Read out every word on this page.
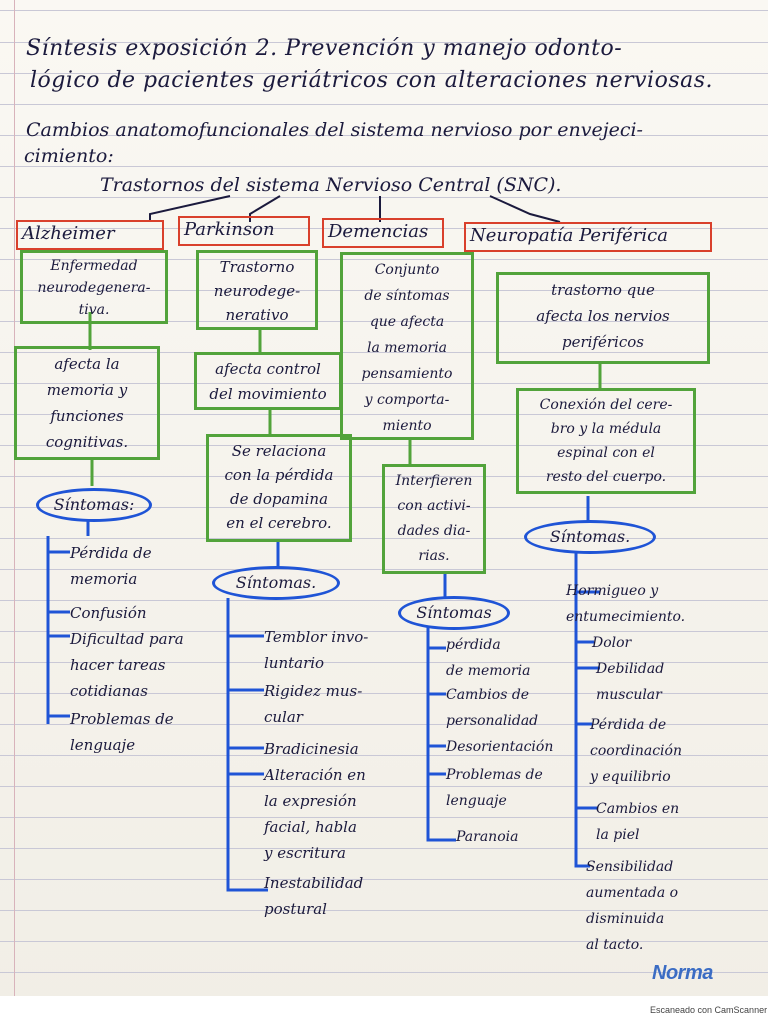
Síntesis exposición 2. Prevención y manejo odonto-
lógico de pacientes geriátricos con alteraciones nerviosas.
Cambios anatomofuncionales del sistema nervioso por envejeci-
cimiento:
Trastornos del sistema Nervioso Central (SNC).
Alzheimer	Parkinson	Demencias	Neuropatía Periférica
Enfermedad
neurodegenera-
tiva.
afecta la
memoria y
funciones
cognitivas.
Síntomas:
Pérdida de
memoria
Confusión
Dificultad para
hacer tareas
cotidianas
Problemas de
lenguaje
Trastorno
neurodege-
nerativo
afecta control
del movimiento
Se relaciona
con la pérdida
de dopamina
en el cerebro.
Síntomas.
Temblor invo-
luntario
Rigidez mus-
cular
Bradicinesia
Alteración en
la expresión
facial, habla
y escritura
Inestabilidad
postural
Conjunto
de síntomas
que afecta
la memoria
pensamiento
y comporta-
miento
Interfieren
con activi-
dades dia-
rias.
Síntomas
pérdida
de memoria
Cambios de
personalidad
Desorientación
Problemas de
lenguaje
Paranoia
trastorno que
afecta los nervios
periféricos
Conexión del cere-
bro y la médula
espinal con el
resto del cuerpo.
Síntomas.
Hormigueo y
entumecimiento.
Dolor
Debilidad
muscular
Pérdida de
coordinación
y equilibrio
Cambios en
la piel
Sensibilidad
aumentada o
disminuida
al tacto.
Norma
Escaneado con CamScanner
